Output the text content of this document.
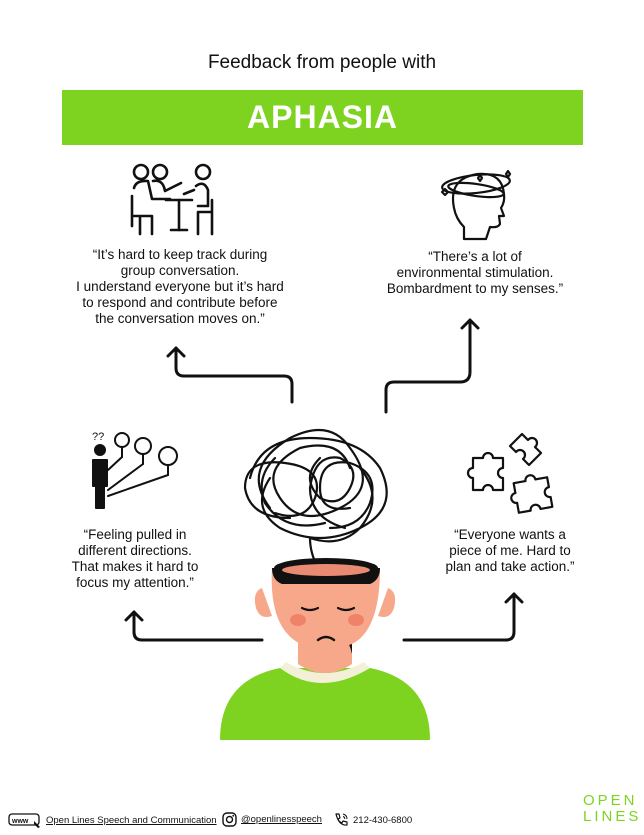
Feedback from people with
APHASIA
“It’s hard to keep track during
group conversation.
I understand everyone but it’s hard
to respond and contribute before
the conversation moves on.”
“There’s a lot of
environmental stimulation.
Bombardment to my senses.”
??
“Feeling pulled in
different directions.
That makes it hard to
focus my attention.”
“Everyone wants a
piece of me. Hard to
plan and take action.”
www Open Lines Speech and Communication	@openlinesspeech	212-430-6800
OPEN
LINES
